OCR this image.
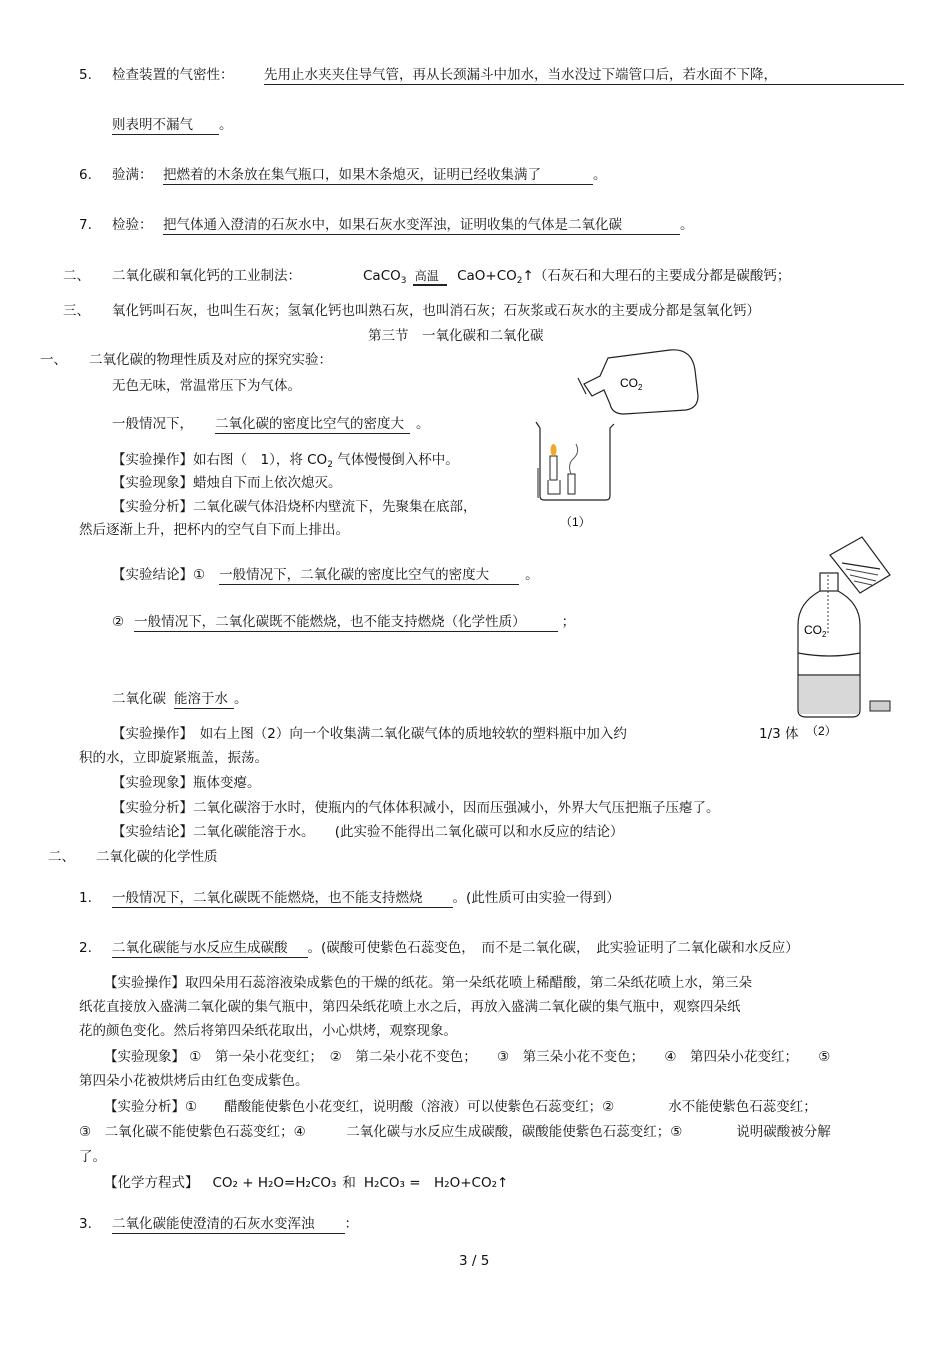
5. 检查装置的气密性： 先用止水夹夹住导气管，再从长颈漏斗中加水，当水没过下端管口后，若水面不下降，
则表明不漏气 。
6. 验满： 把燃着的木条放在集气瓶口，如果木条熄灭，证明已经收集满了	。
7. 检验： 把气体通入澄清的石灰水中，如果石灰水变浑浊，证明收集的气体是二氧化碳	。
二、 二氧化碳和氧化钙的工业制法：	CaCO$_3$ 高温 $CaO+CO_2↑$（石灰石和大理石的主要成分都是碳酸钙；
三、 氧化钙叫石灰，也叫生石灰；氢氧化钙也叫熟石灰，也叫消石灰；石灰浆或石灰水的主要成分都是氢氧化钙）
第三节　一氧化碳和二氧化碳
一、 二氧化碳的物理性质及对应的探究实验：
无色无味，常温常压下为气体。
一般情况下， 二氧化碳的密度比空气的密度大 。
【实验操作】如右图（　1），将 $CO_2$ 气体慢慢倒入杯中。
【实验现象】蜡烛自下而上依次熄灭。
【实验分析】二氧化碳气体沿烧杯内壁流下，先聚集在底部，
然后逐渐上升，把杯内的空气自下而上排出。
【实验结论】① 一般情况下，二氧化碳的密度比空气的密度大	。
② 一般情况下，二氧化碳既不能燃烧，也不能支持燃烧（化学性质）	；
二氧化碳 能溶于水 。
【实验操作】　如右上图（2）向一个收集满二氧化碳气体的质地较软的塑料瓶中加入约	1/3 体
积的水，立即旋紧瓶盖，振荡。
【实验现象】瓶体变瘪。
【实验分析】二氧化碳溶于水时，使瓶内的气体体积减小，因而压强减小，外界大气压把瓶子压瘪了。
【实验结论】二氧化碳能溶于水。　　(此实验不能得出二氧化碳可以和水反应的结论）
二、 二氧化碳的化学性质
1. 一般情况下，二氧化碳既不能燃烧，也不能支持燃烧 。(此性质可由实验一得到）
2. 二氧化碳能与水反应生成碳酸 。(碳酸可使紫色石蕊变色，　而不是二氧化碳，　此实验证明了二氧化碳和水反应）
【实验操作】取四朵用石蕊溶液染成紫色的干燥的纸花。第一朵纸花喷上稀醋酸，第二朵纸花喷上水，第三朵
纸花直接放入盛满二氧化碳的集气瓶中，第四朵纸花喷上水之后，再放入盛满二氧化碳的集气瓶中，观察四朵纸
花的颜色变化。然后将第四朵纸花取出，小心烘烤，观察现象。
【实验现象】 ①　第一朵小花变红；　②　第二朵小花不变色；　　③　第三朵小花不变色；　　④　第四朵小花变红；　　⑤
第四朵小花被烘烤后由红色变成紫色。
【实验分析】①　　醋酸能使紫色小花变红，说明酸（溶液）可以使紫色石蕊变红；②　　　　水不能使紫色石蕊变红；
③　二氧化碳不能使紫色石蕊变红；④　　　二氧化碳与水反应生成碳酸，碳酸能使紫色石蕊变红；⑤　　　　说明碳酸被分解
了。
【化学方程式】 CO₂ + H₂O=H₂CO₃ 和 H₂CO₃ =　H₂O+CO₂↑
3. 二氧化碳能使澄清的石灰水变浑浊 ：
3 / 5
$CO_2$
（1）
$CO_2$
（2）
